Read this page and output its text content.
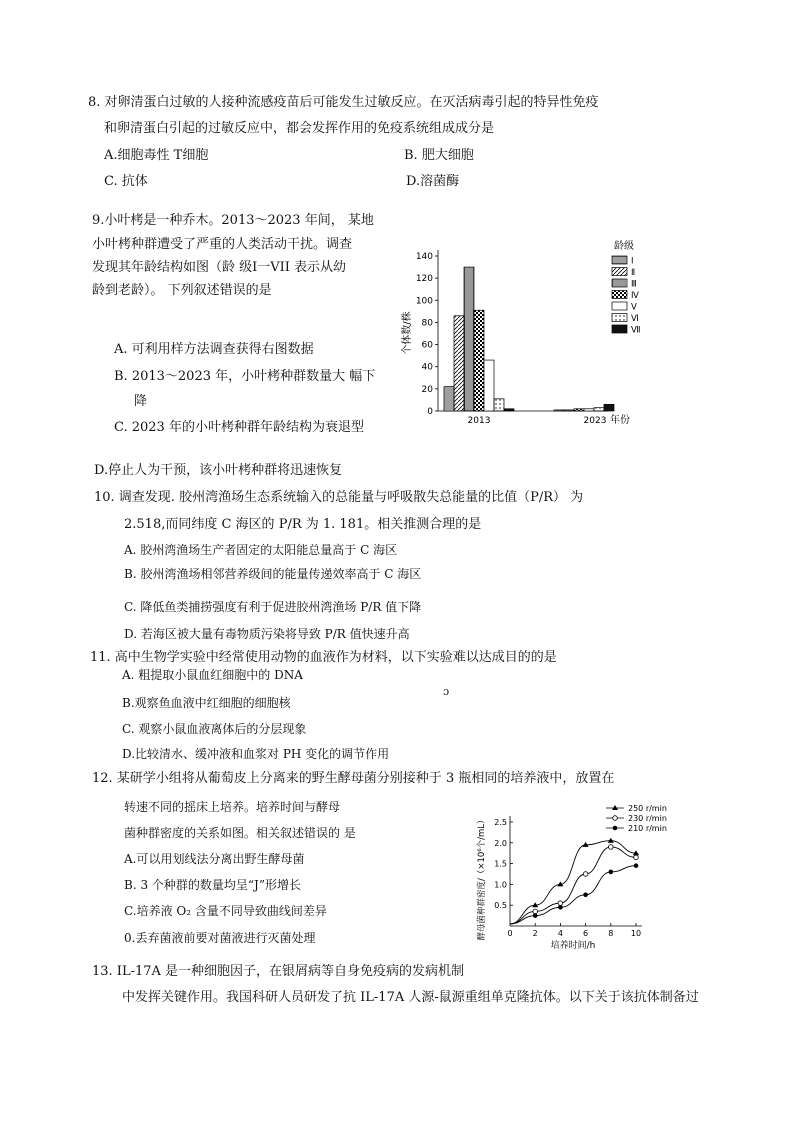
8. 对卵清蛋白过敏的人接种流感疫苗后可能发生过敏反应。在灭活病毒引起的特异性免疫
和卵清蛋白引起的过敏反应中，都会发挥作用的免疫系统组成成分是
A.细胞毒性 T细胞	B. 肥大细胞
C. 抗体	D.溶菌酶
9.小叶栲是一种乔木。2013～2023 年间， 某地
小叶栲种群遭受了严重的人类活动干扰。调查
发现其年龄结构如图（龄 级Ⅰ一VII 表示从幼
龄到老龄）。 下列叙述错误的是
A. 可利用样方法调查获得右图数据
B. 2013～2023 年，小叶栲种群数量大 幅下
降
C. 2023 年的小叶栲种群年龄结构为衰退型
D.停止人为干预，该小叶栲种群将迅速恢复
0
20
40
60
80
100
120
140
个体数/株
2013	2023 年份
龄级
Ⅰ
Ⅱ
Ⅲ
Ⅳ
Ⅴ
Ⅵ
Ⅶ
10. 调查发现. 胶州湾渔场生态系统输入的总能量与呼吸散失总能量的比值（P/R） 为
2.518,而同纬度 C 海区的 P/R 为 1. 181。相关推测合理的是
A. 胶州湾渔场生产者固定的太阳能总量高于 C 海区
B. 胶州湾渔场相邻营养级间的能量传递效率高于 C 海区
C. 降低鱼类捕捞强度有利于促进胶州湾渔场 P/R 值下降
D. 若海区被大量有毒物质污染将导致 P/R 值快速升高
11. 高中生物学实验中经常使用动物的血液作为材料，以下实验难以达成目的的是
A. 粗提取小鼠血红细胞中的 DNA
B.观察鱼血液中红细胞的细胞核
ɔ
C. 观察小鼠血液离体后的分层现象
D.比较清水、缓冲液和血浆对 PH 变化的调节作用
12. 某研学小组将从葡萄皮上分离来的野生酵母菌分别接种于 3 瓶相同的培养液中，放置在
转速不同的摇床上培养。培养时间与酵母
菌种群密度的关系如图。相关叙述错误的 是
A.可以用划线法分离出野生酵母菌
B. 3 个种群的数量均呈“J”形增长
C.培养液 O₂ 含量不同导致曲线间差异
0.丢弃菌液前要对菌液进行灭菌处理	0	2	4	6	8 10
0.5
1.0
1.5
2.0
2.5
培养时间/h
酵母菌种群密度/（×10⁶个/mL）
250 r/min
230 r/min
210 r/min
13. IL-17A 是一种细胞因子，在银屑病等自身免疫病的发病机制
中发挥关键作用。我国科研人员研发了抗 IL-17A 人源-鼠源重组单克隆抗体。以下关于该抗体制备过
